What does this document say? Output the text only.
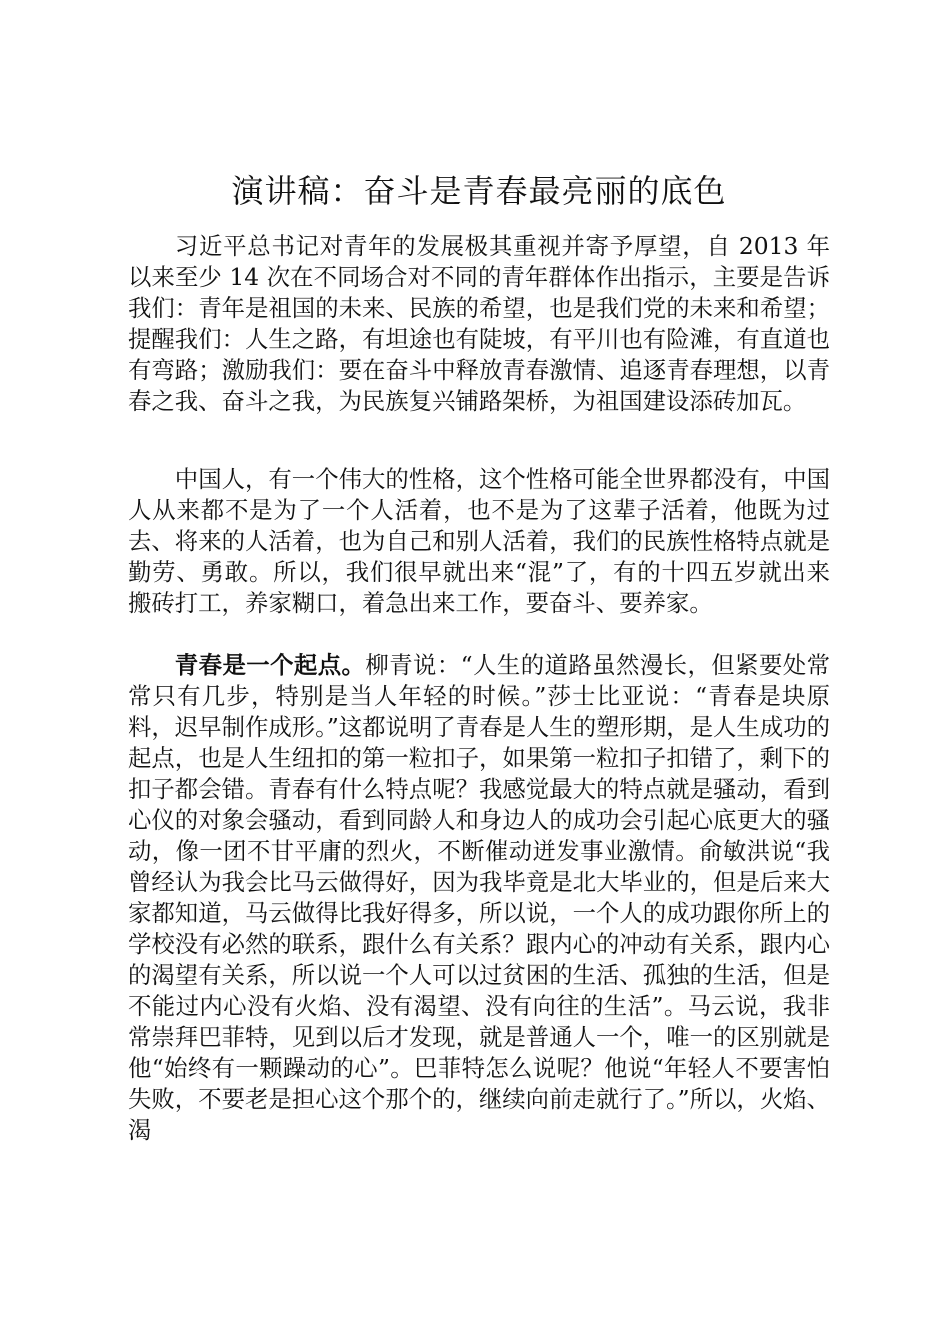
演讲稿：奋斗是青春最亮丽的底色

习近平总书记对青年的发展极其重视并寄予厚望，自 2013 年以来至少 14 次在不同场合对不同的青年群体作出指示，主要是告诉我们：青年是祖国的未来、民族的希望，也是我们党的未来和希望；提醒我们：人生之路，有坦途也有陡坡，有平川也有险滩，有直道也有弯路；激励我们：要在奋斗中释放青春激情、追逐青春理想，以青春之我、奋斗之我，为民族复兴铺路架桥，为祖国建设添砖加瓦。

中国人，有一个伟大的性格，这个性格可能全世界都没有，中国人从来都不是为了一个人活着，也不是为了这辈子活着，他既为过去、将来的人活着，也为自己和别人活着，我们的民族性格特点就是勤劳、勇敢。所以，我们很早就出来“混”了，有的十四五岁就出来搬砖打工，养家糊口，着急出来工作，要奋斗、要养家。

青春是一个起点。柳青说：“人生的道路虽然漫长，但紧要处常常只有几步，特别是当人年轻的时候。”莎士比亚说：“青春是块原料，迟早制作成形。”这都说明了青春是人生的塑形期，是人生成功的起点，也是人生纽扣的第一粒扣子，如果第一粒扣子扣错了，剩下的扣子都会错。青春有什么特点呢？我感觉最大的特点就是骚动，看到心仪的对象会骚动，看到同龄人和身边人的成功会引起心底更大的骚动，像一团不甘平庸的烈火，不断催动迸发事业激情。俞敏洪说“我曾经认为我会比马云做得好，因为我毕竟是北大毕业的，但是后来大家都知道，马云做得比我好得多，所以说，一个人的成功跟你所上的学校没有必然的联系，跟什么有关系？跟内心的冲动有关系，跟内心的渴望有关系，所以说一个人可以过贫困的生活、孤独的生活，但是不能过内心没有火焰、没有渴望、没有向往的生活”。马云说，我非常崇拜巴菲特，见到以后才发现，就是普通人一个，唯一的区别就是他“始终有一颗躁动的心”。巴菲特怎么说呢？他说“年轻人不要害怕失败，不要老是担心这个那个的，继续向前走就行了。”所以，火焰、渴
